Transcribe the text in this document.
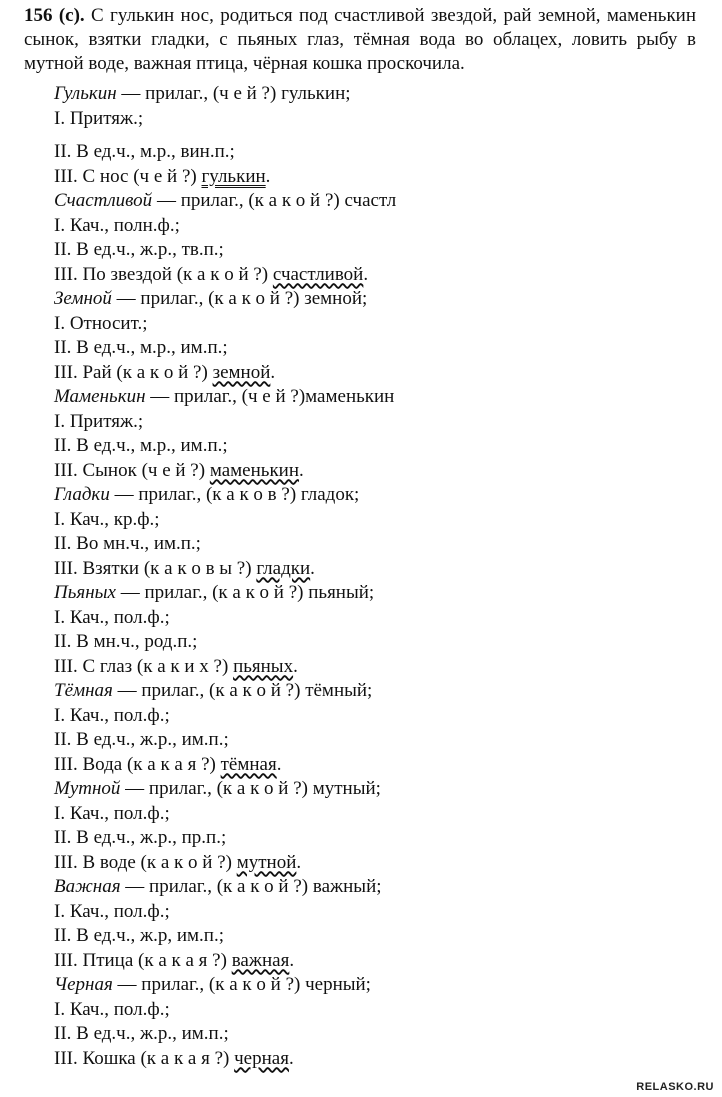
156 (с). С гулькин нос, родиться под счастливой звездой, рай земной, маменькин сынок, взятки гладки, с пьяных глаз, тёмная вода во облацех, ловить рыбу в мутной воде, важная птица, чёрная кошка проскочила.
Гулькин — прилаг., (ч е й ?) гулькин;
I. Притяж.;
II. В ед.ч., м.р., вин.п.;
III. С нос (ч е й ?) гулькин.
Счастливой — прилаг., (к а к о й ?) счастл
I. Кач., полн.ф.;
II. В ед.ч., ж.р., тв.п.;
III. По звездой (к а к о й ?) счастливой.
Земной — прилаг., (к а к о й ?) земной;
I. Относит.;
II. В ед.ч., м.р., им.п.;
III. Рай (к а к о й ?) земной.
Маменькин — прилаг., (ч е й ?)маменькин
I. Притяж.;
II. В ед.ч., м.р., им.п.;
III. Сынок (ч е й ?) маменькин.
Гладки — прилаг., (к а к о в ?) гладок;
I. Кач., кр.ф.;
II. Во мн.ч., им.п.;
III. Взятки (к а к о в ы ?) гладки.
Пьяных — прилаг., (к а к о й ?) пьяный;
I. Кач., пол.ф.;
II. В мн.ч., род.п.;
III. С глаз (к а к и х ?) пьяных.
Тёмная — прилаг., (к а к о й ?) тёмный;
I. Кач., пол.ф.;
II. В ед.ч., ж.р., им.п.;
III. Вода (к а к а я ?) тёмная.
Мутной — прилаг., (к а к о й ?) мутный;
I. Кач., пол.ф.;
II. В ед.ч., ж.р., пр.п.;
III. В воде (к а к о й ?) мутной.
Важная — прилаг., (к а к о й ?) важный;
I. Кач., пол.ф.;
II. В ед.ч., ж.р, им.п.;
III. Птица (к а к а я ?) важная.
Черная — прилаг., (к а к о й ?) черный;
I. Кач., пол.ф.;
II. В ед.ч., ж.р., им.п.;
III. Кошка (к а к а я ?) черная.
RELASKO.RU
